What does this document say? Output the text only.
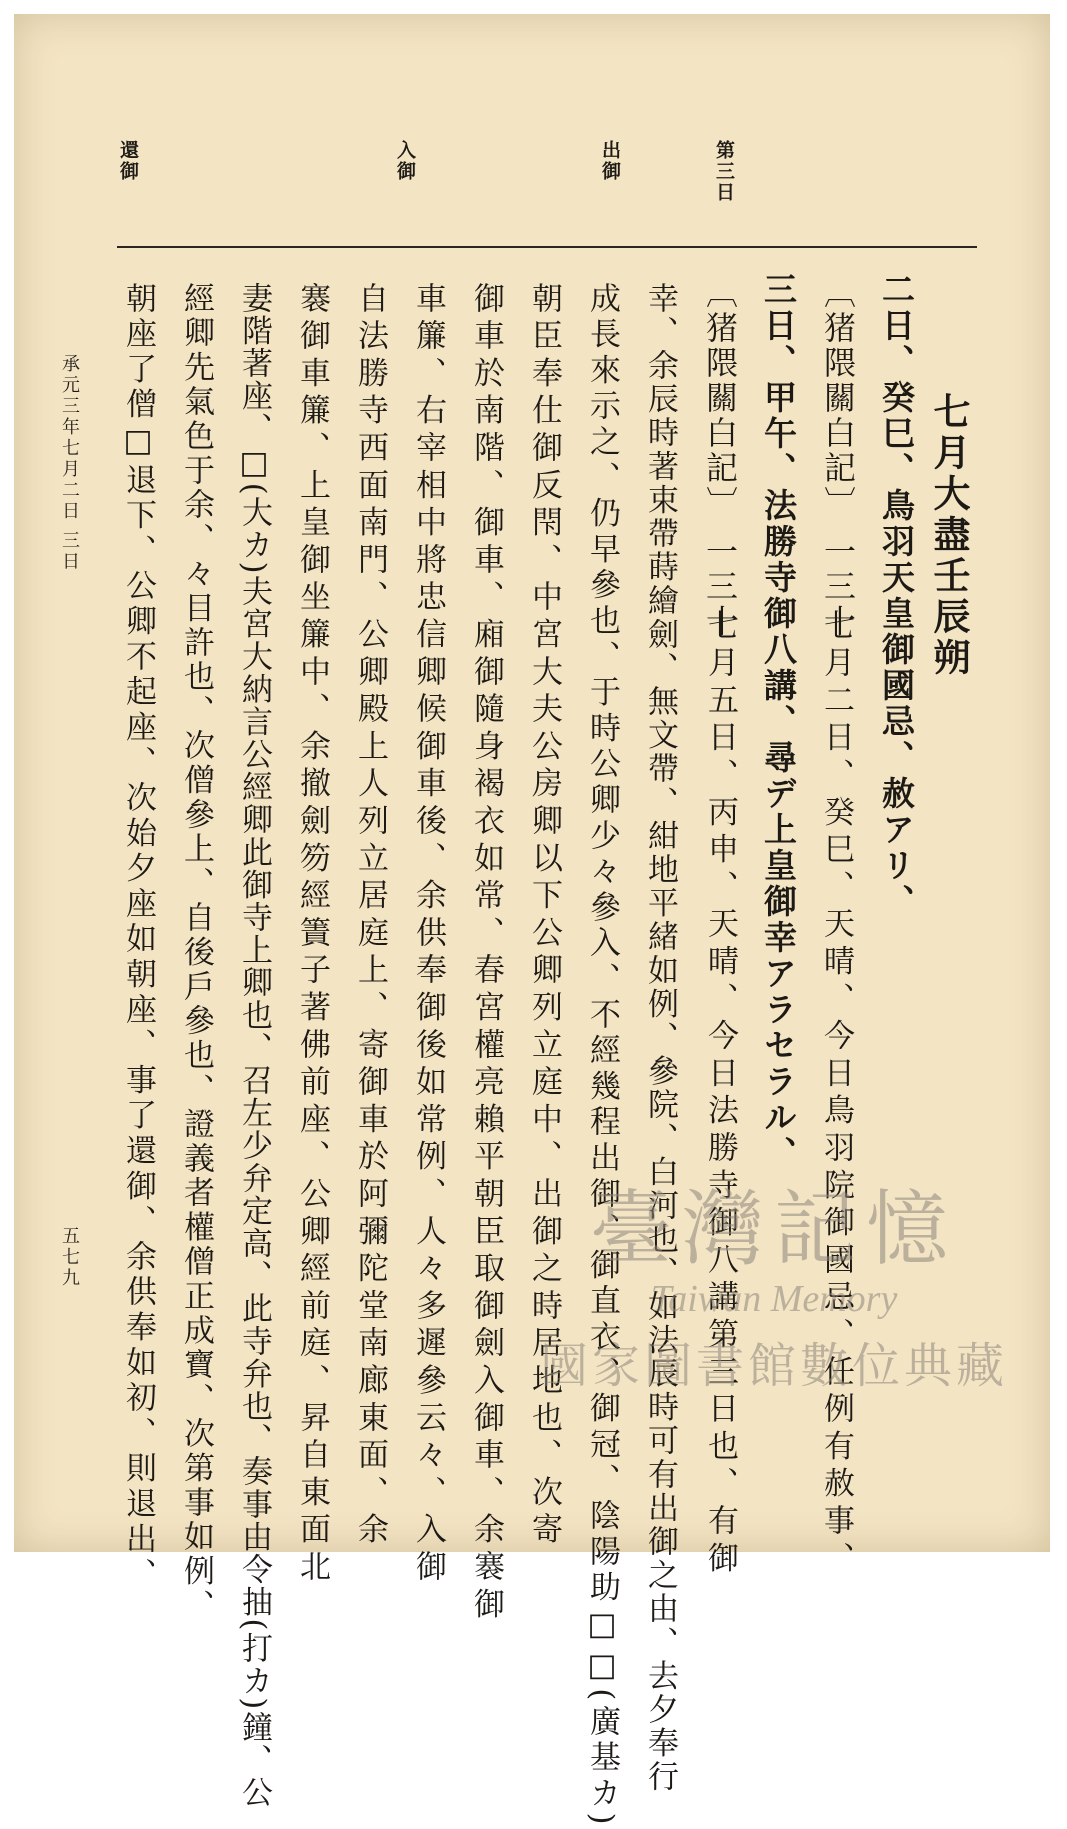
第三日
出御
入御
還御
七月大盡壬辰朔
二日、癸巳、鳥羽天皇御國忌、赦アリ、
〔猪隈關白記〕 一三十
七月二日、癸巳、天晴、今日鳥羽院御國忌、任例有赦事、
三日、甲午、法勝寺御八講、尋デ上皇御幸アラセラル、
〔猪隈關白記〕 一三十
七月五日、丙申、天晴、今日法勝寺御八講第三日也、有御
幸、余辰時著束帶蒔繪劍、無文帶、紺地平緒如例、參院、白河也、如法辰時可有出御之由、去夕奉行
成長來示之、仍早參也、于時公卿少々參入、不經幾程出御、御直衣、御冠、陰陽助□□(廣基カ)
朝臣奉仕御反閇、中宮大夫公房卿以下公卿列立庭中、出御之時居地也、次寄
御車於南階、御車、廂御隨身褐衣如常、春宮權亮賴平朝臣取御劍入御車、余褰御
車簾、右宰相中將忠信卿候御車後、余供奉御後如常例、人々多遲參云々、入御
自法勝寺西面南門、公卿殿上人列立居庭上、寄御車於阿彌陀堂南廊東面、余
褰御車簾、上皇御坐簾中、余撤劍笏經簀子著佛前座、公卿經前庭、昇自東面北
妻階著座、□(大カ)夫宮大納言公經卿此御寺上卿也、召左少弁定高、此寺弁也、奏事由令抽(打カ)鐘、公
經卿先氣色于余、々目許也、次僧參上、自後戶參也、證義者權僧正成寶、次第事如例、
朝座了僧□退下、公卿不起座、次始夕座如朝座、事了還御、余供奉如初、則退出、
承元三年七月二日 三日
五七九	臺灣記憶
Taiwan Memory
國家圖書館數位典藏
